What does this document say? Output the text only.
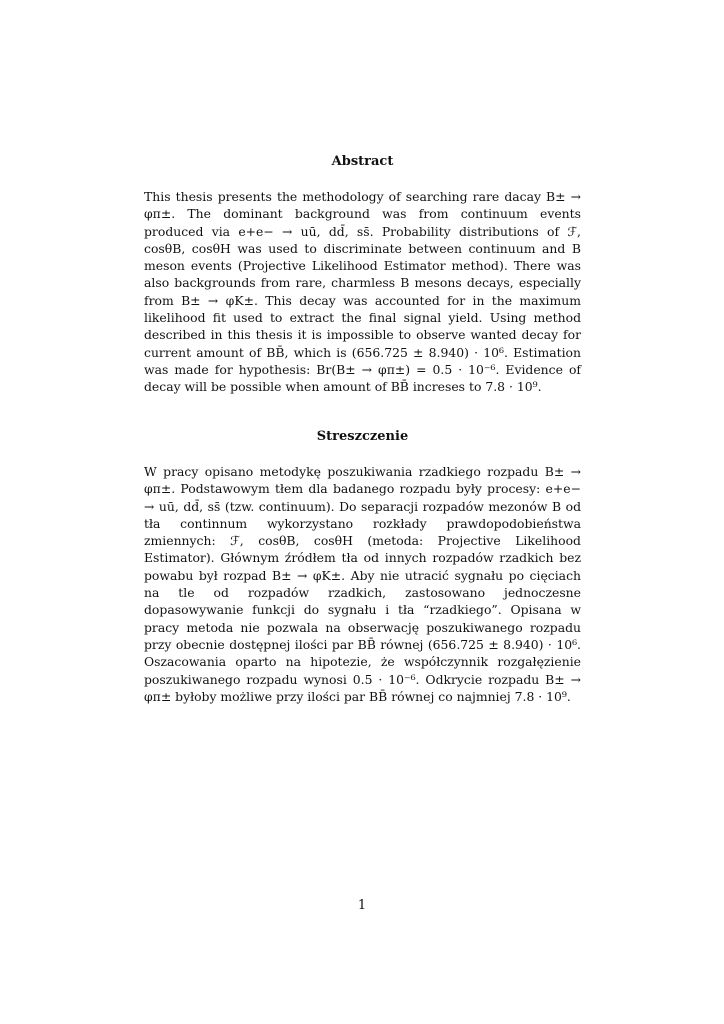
Abstract

This thesis presents the methodology of searching rare dacay B± → φπ±. The dominant background was from continuum events produced via e+e− → uū, dd̄, ss̄. Probability distributions of ℱ, cosθB, cosθH was used to discriminate between continuum and B meson events (Projective Likelihood Estimator method). There was also backgrounds from rare, charmless B mesons decays, especially from B± → φK±. This decay was accounted for in the maximum likelihood fit used to extract the final signal yield. Using method described in this thesis it is impossible to observe wanted decay for current amount of BB̄, which is (656.725 ± 8.940) · 10⁶. Estimation was made for hypothesis: Br(B± → φπ±) = 0.5 · 10⁻⁶. Evidence of decay will be possible when amount of BB̄ increses to 7.8 · 10⁹.

Streszczenie

W pracy opisano metodykę poszukiwania rzadkiego rozpadu B± → φπ±. Podstawowym tłem dla badanego rozpadu były procesy: e+e− → uū, dd̄, ss̄ (tzw. continuum). Do separacji rozpadów mezonów B od tła continnum wykorzystano rozkłady prawdopodobieństwa zmiennych: ℱ, cosθB, cosθH (metoda: Projective Likelihood Estimator). Głównym źródłem tła od innych rozpadów rzadkich bez powabu był rozpad B± → φK±. Aby nie utracić sygnału po cięciach na tle od rozpadów rzadkich, zastosowano jednoczesne dopasowywanie funkcji do sygnału i tła “rzadkiego”. Opisana w pracy metoda nie pozwala na obserwację poszukiwanego rozpadu przy obecnie dostępnej ilości par BB̄ równej (656.725 ± 8.940) · 10⁶. Oszacowania oparto na hipotezie, że współczynnik rozgałęzienie poszukiwanego rozpadu wynosi 0.5 · 10⁻⁶. Odkrycie rozpadu B± → φπ± byłoby możliwe przy ilości par BB̄ równej co najmniej 7.8 · 10⁹.

1
